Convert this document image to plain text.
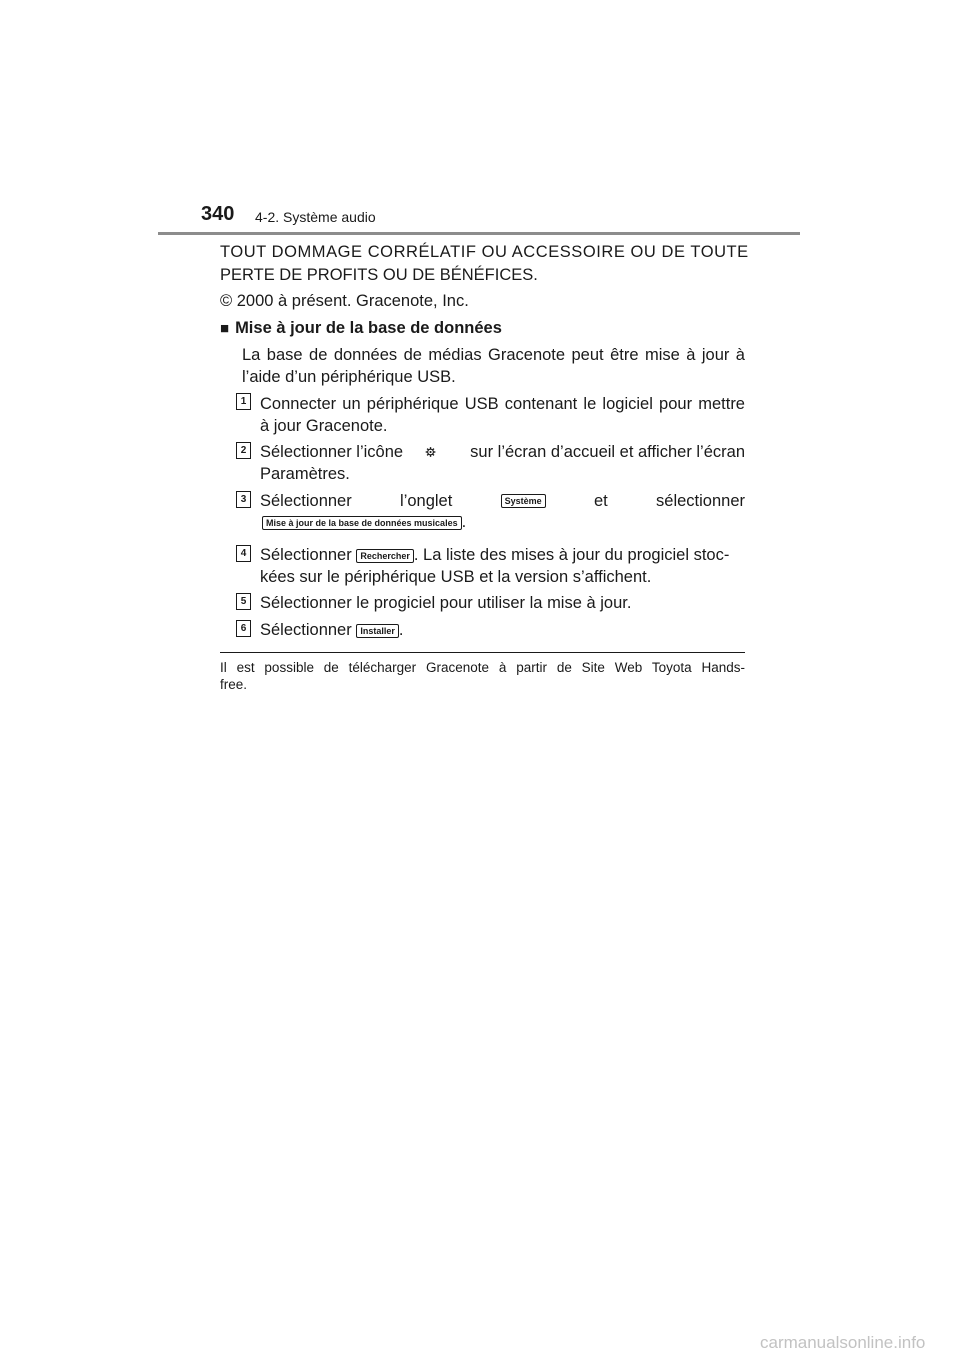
340 4-2. Système audio
TOUT DOMMAGE CORRÉLATIF OU ACCESSOIRE OU DE TOUTE
PERTE DE PROFITS OU DE BÉNÉFICES.
© 2000 à présent. Gracenote, Inc.
■ Mise à jour de la base de données
La base de données de médias Gracenote peut être mise à jour à
l’aide d’un périphérique USB.
1 Connecter un périphérique USB contenant le logiciel pour mettre
à jour Gracenote.
2 Sélectionner l’icône	sur l’écran d’accueil et afficher l’écran
Paramètres.
3 Sélectionner	l’onglet	Système	et	sélectionner
Mise à jour de la base de données musicales .
4 Sélectionner Rechercher . La liste des mises à jour du progiciel stoc-
kées sur le périphérique USB et la version s’affichent.
5 Sélectionner le progiciel pour utiliser la mise à jour.
6 Sélectionner Installer .
Il est possible de télécharger Gracenote à partir de Site Web Toyota Hands-
free.
carmanualsonline.info
